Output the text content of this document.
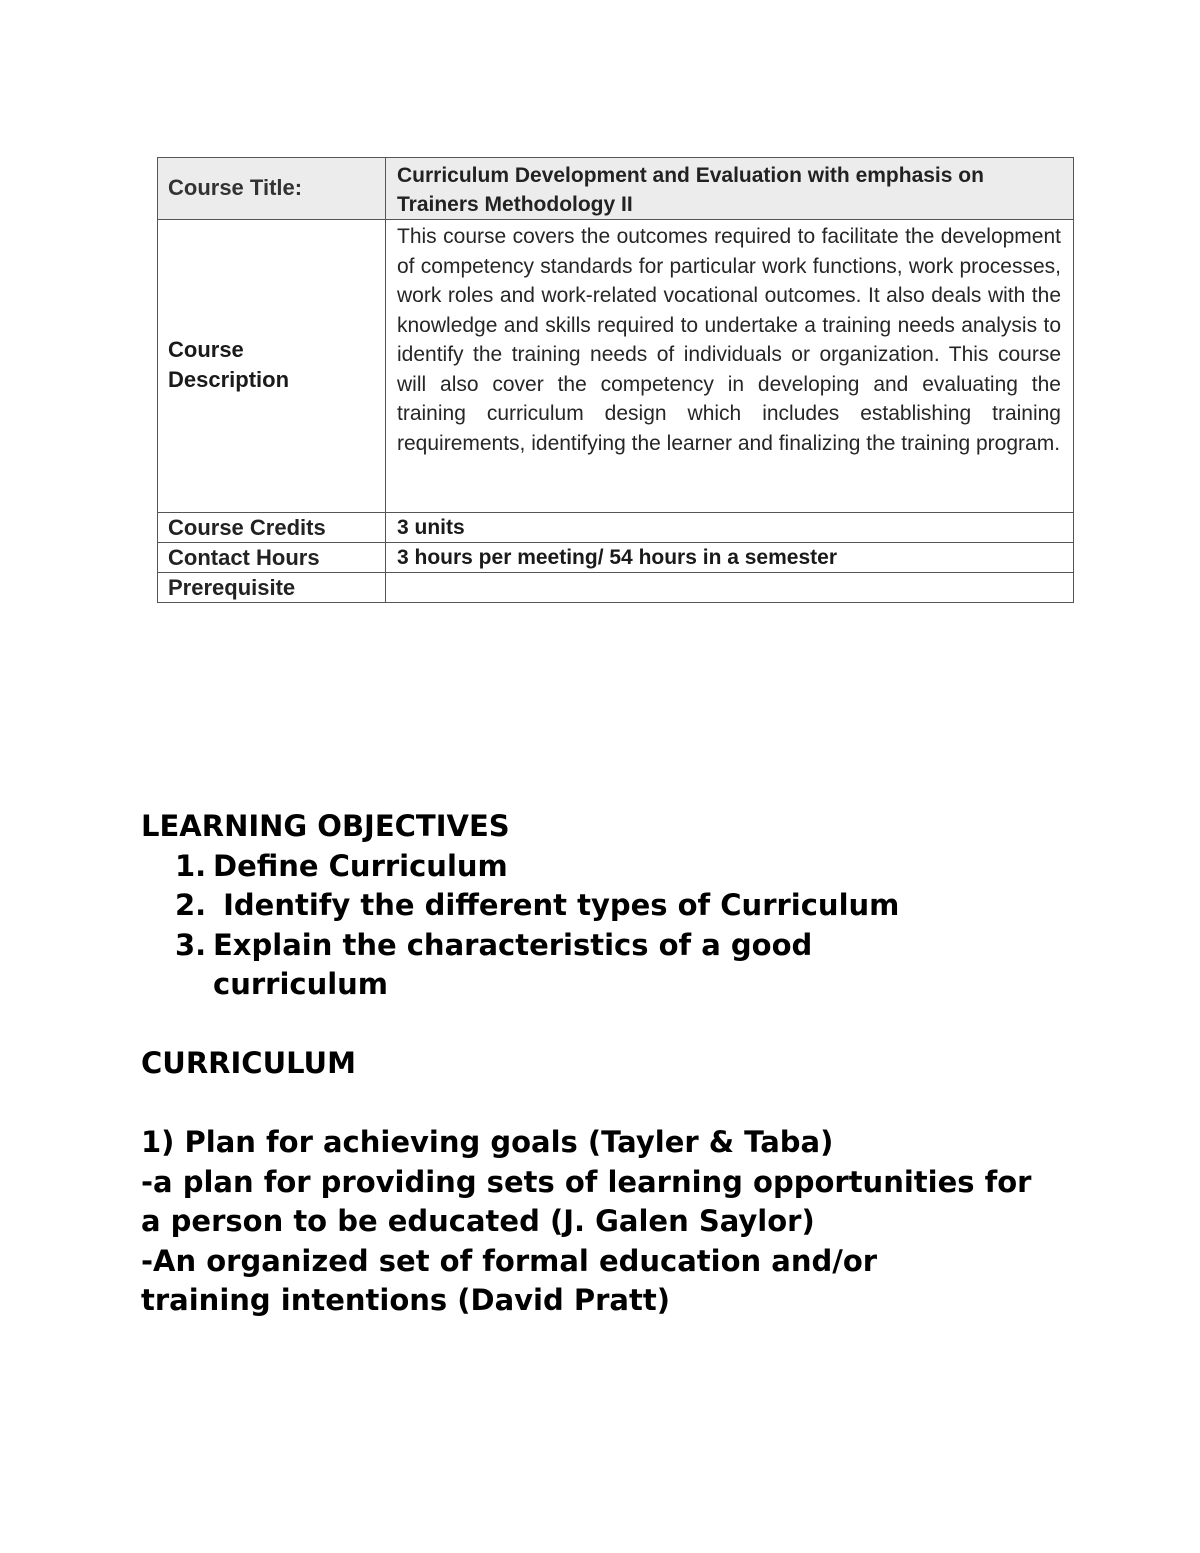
Course Title:	Curriculum Development and Evaluation with emphasis on Trainers Methodology II

Course Description	This course covers the outcomes required to facilitate the development of competency standards for particular work functions, work processes, work roles and work-related vocational outcomes. It also deals with the knowledge and skills required to undertake a training needs analysis to identify the training needs of individuals or organization. This course will also cover the competency in developing and evaluating the training curriculum design which includes establishing training requirements, identifying the learner and finalizing the training program.

Course Credits	3 units

Contact Hours	3 hours per meeting/ 54 hours in a semester

Prerequisite	

LEARNING OBJECTIVES

1. Define Curriculum
2. Identify the different types of Curriculum
3. Explain the characteristics of a good curriculum

CURRICULUM

1) Plan for achieving goals (Tayler & Taba)

-a plan for providing sets of learning opportunities for a person to be educated (J. Galen Saylor)

-An organized set of formal education and/or training intentions (David Pratt)
